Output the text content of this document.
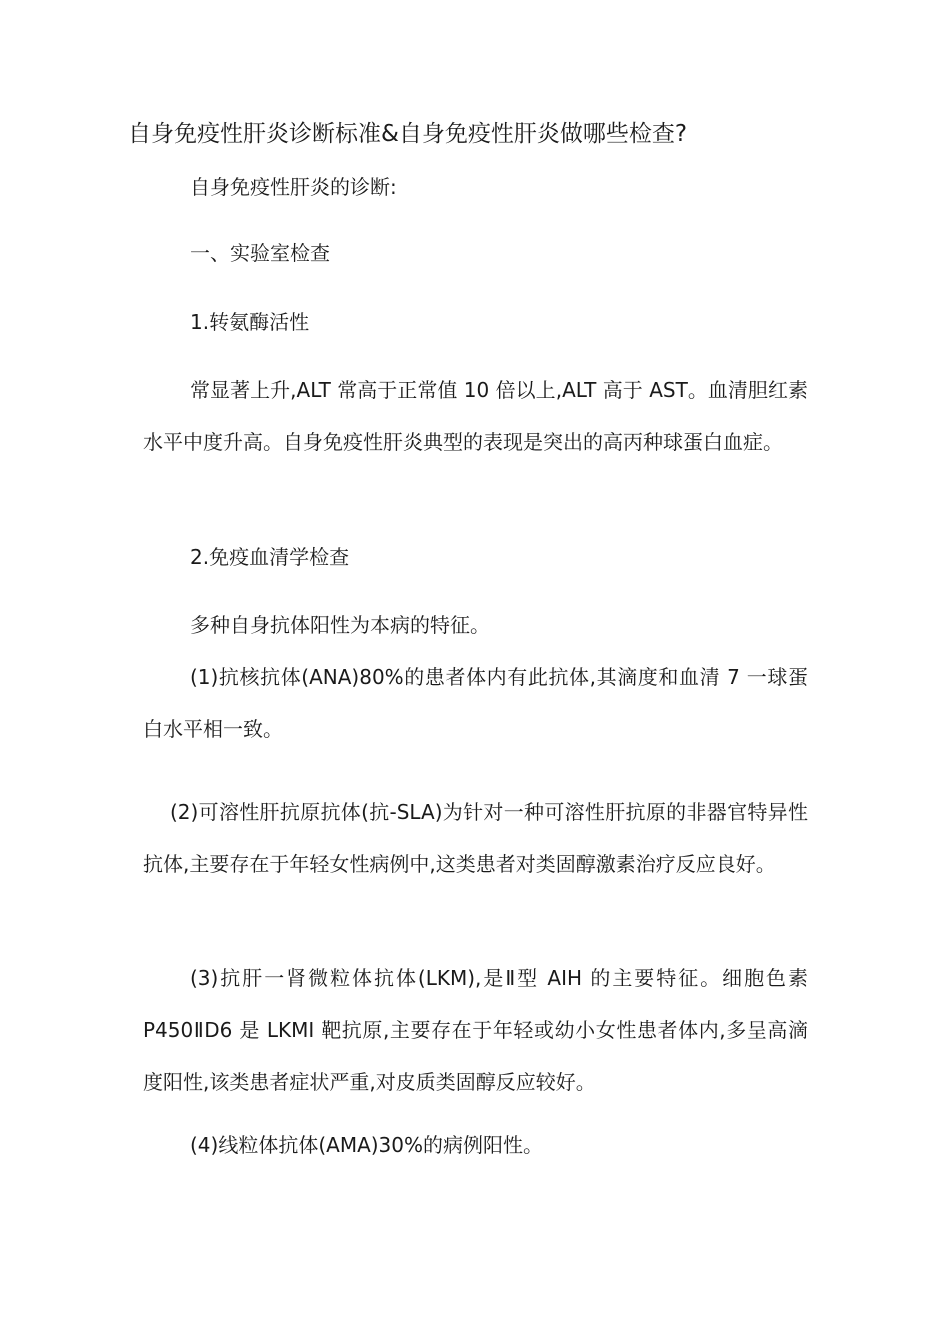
自身免疫性肝炎诊断标准&自身免疫性肝炎做哪些检查?
自身免疫性肝炎的诊断:
一、实验室检查
1.转氨酶活性
常显著上升,ALT 常高于正常值 10 倍以上,ALT 高于 AST。血清胆红素水平中度升高。自身免疫性肝炎典型的表现是突出的高丙种球蛋白血症。
2.免疫血清学检查
多种自身抗体阳性为本病的特征。
(1)抗核抗体(ANA)80%的患者体内有此抗体,其滴度和血清 7 一球蛋白水平相一致。
(2)可溶性肝抗原抗体(抗-SLA)为针对一种可溶性肝抗原的非器官特异性抗体,主要存在于年轻女性病例中,这类患者对类固醇激素治疗反应良好。
(3)抗肝一肾微粒体抗体(LKM),是Ⅱ型 AIH 的主要特征。细胞色素 P450ⅡD6 是 LKMI 靶抗原,主要存在于年轻或幼小女性患者体内,多呈高滴度阳性,该类患者症状严重,对皮质类固醇反应较好。
(4)线粒体抗体(AMA)30%的病例阳性。
